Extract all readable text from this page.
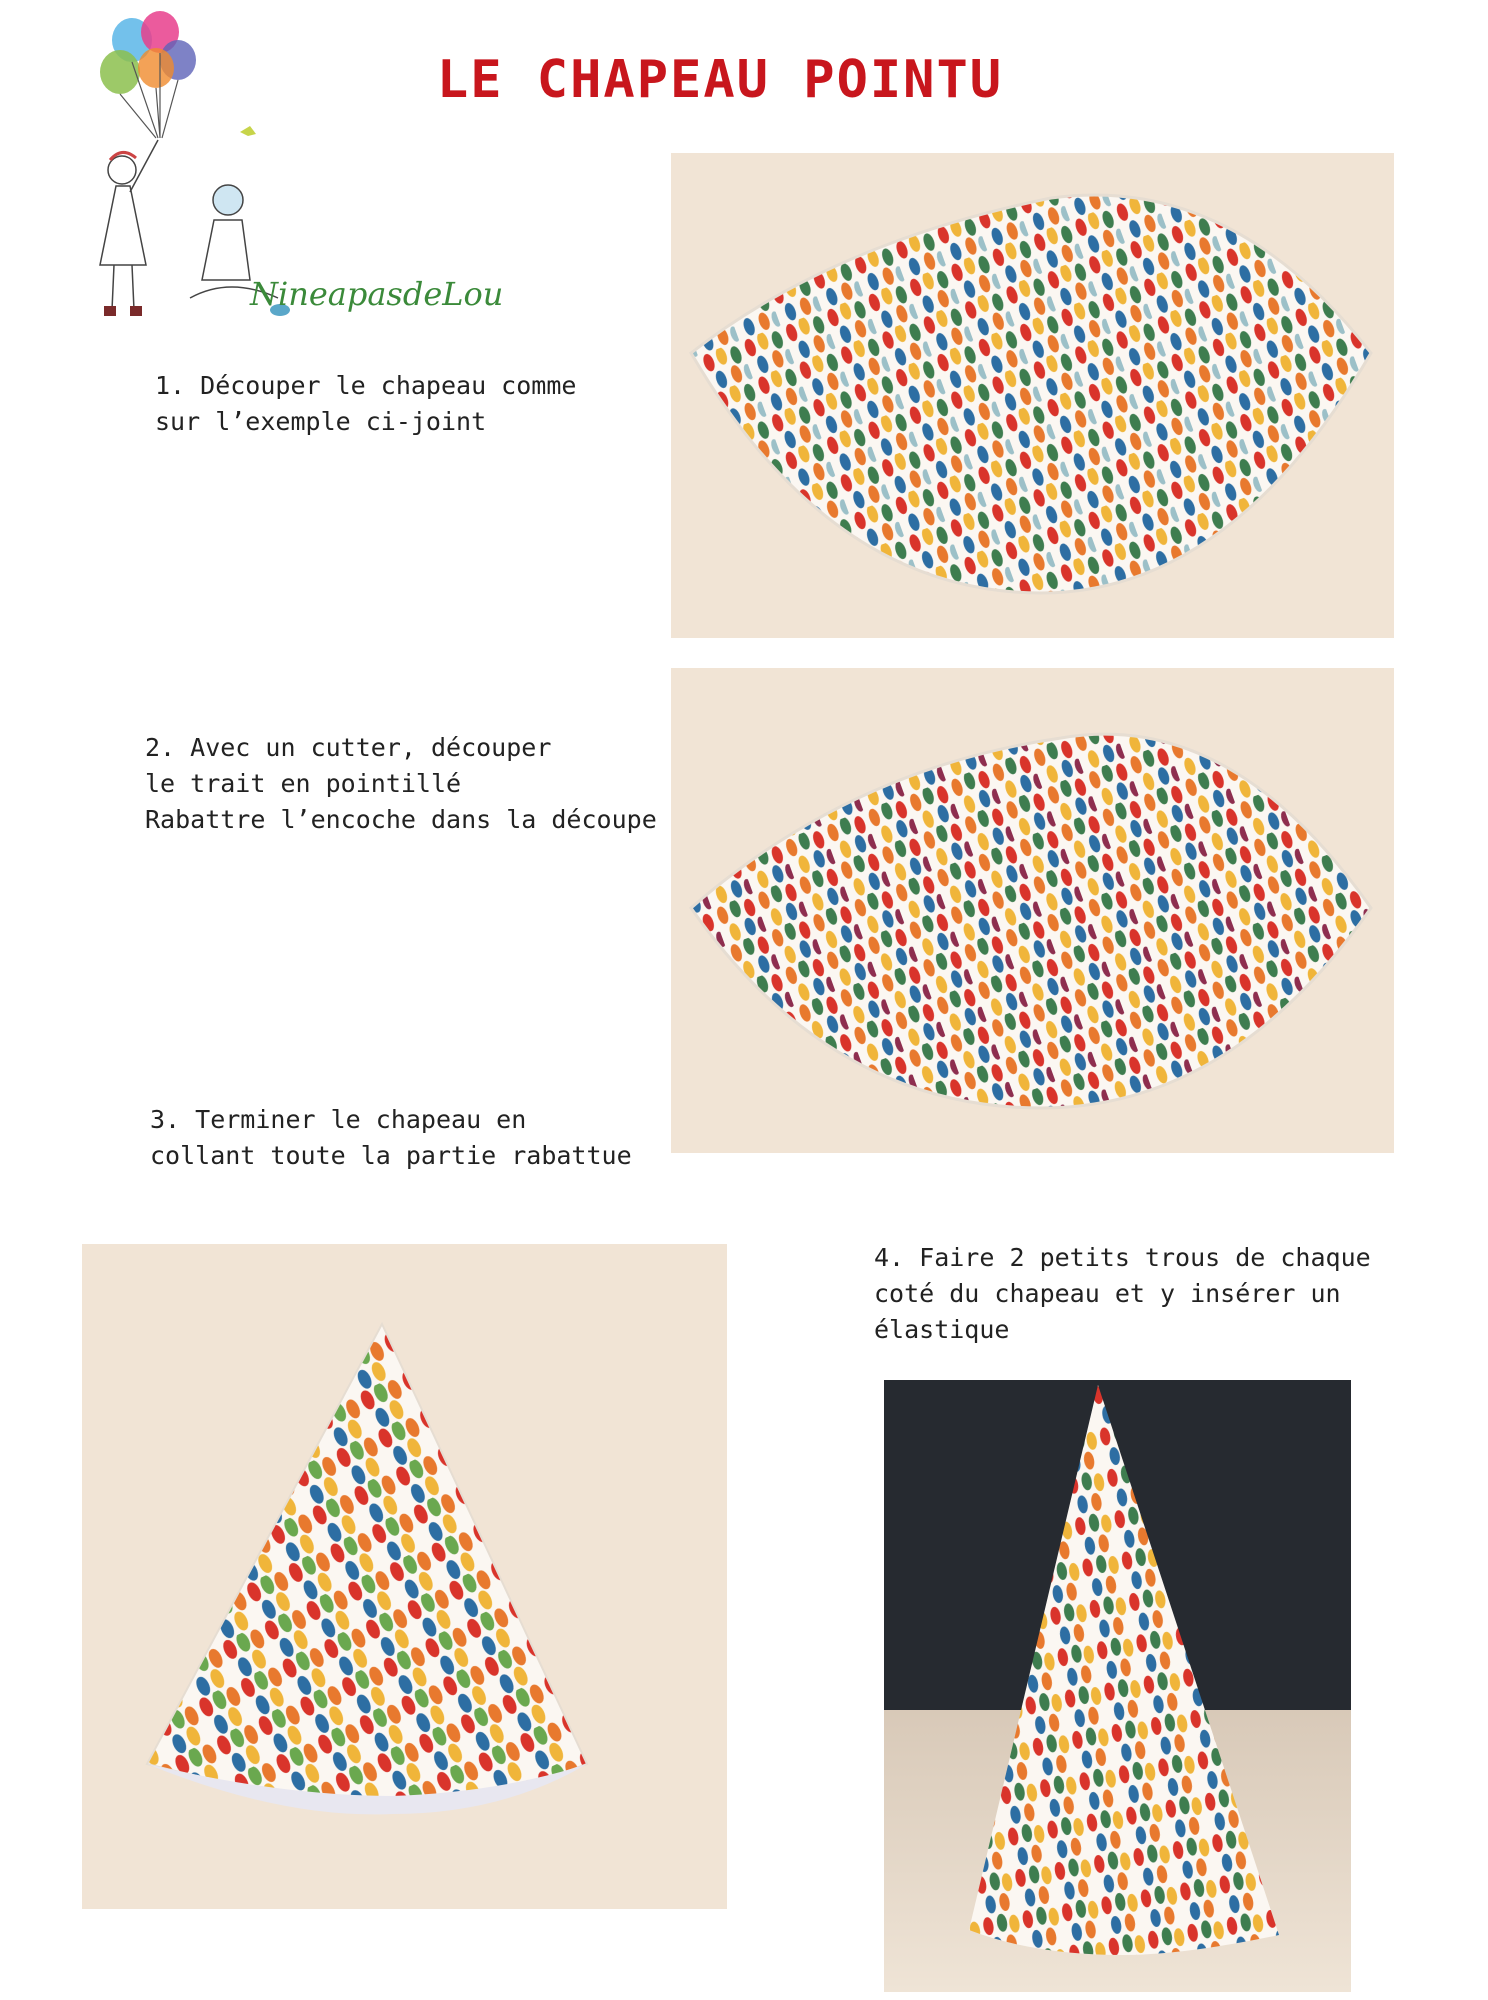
NineapasdeLou
LE CHAPEAU POINTU
1. Découper le chapeau comme
sur l’exemple ci-joint
2. Avec un cutter, découper
le trait en pointillé
Rabattre l’encoche dans la découpe
3. Terminer le chapeau en
collant toute la partie rabattue
4. Faire 2 petits trous de chaque
coté du chapeau et y insérer un
élastique
